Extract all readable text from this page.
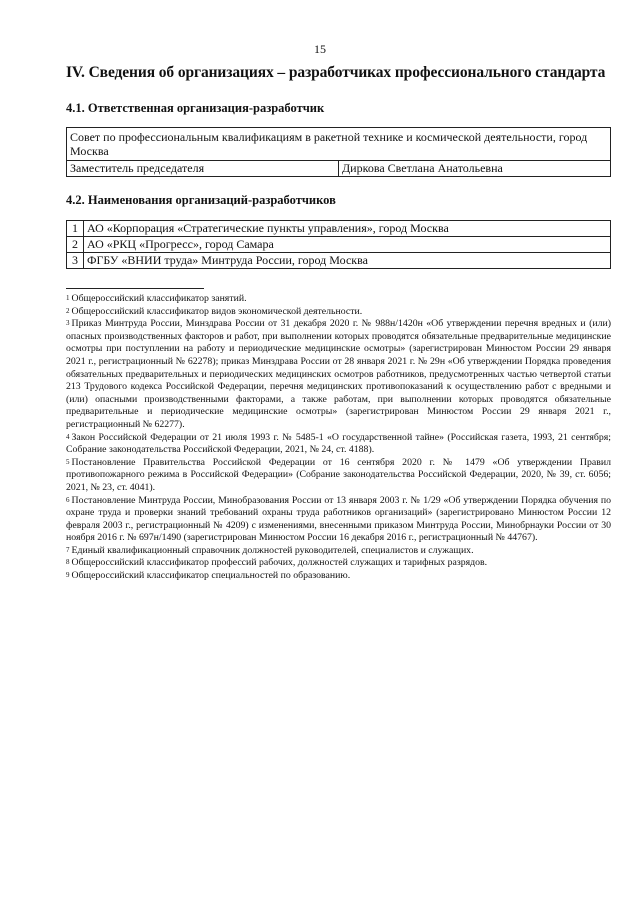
15
IV. Сведения об организациях – разработчиках профессионального стандарта
4.1. Ответственная организация-разработчик
Совет по профессиональным квалификациям в ракетной технике и космической деятельности, город Москва
Заместитель председателя	Диркова Светлана Анатольевна
4.2. Наименования организаций-разработчиков
1	АО «Корпорация «Стратегические пункты управления», город Москва
2	АО «РКЦ «Прогресс», город Самара
3	ФГБУ «ВНИИ труда» Минтруда России, город Москва

$^1$ Общероссийский классификатор занятий.

$^2$ Общероссийский классификатор видов экономической деятельности.

$^3$ Приказ Минтруда России, Минздрава России от 31 декабря 2020 г. № 988н/1420н «Об утверждении перечня вредных и (или) опасных производственных факторов и работ, при выполнении которых проводятся обязательные предварительные медицинские осмотры при поступлении на работу и периодические медицинские осмотры» (зарегистрирован Минюстом России 29 января 2021 г., регистрационный № 62278); приказ Минздрава России от 28 января 2021 г. № 29н «Об утверждении Порядка проведения обязательных предварительных и периодических медицинских осмотров работников, предусмотренных частью четвертой статьи 213 Трудового кодекса Российской Федерации, перечня медицинских противопоказаний к осуществлению работ с вредными и (или) опасными производственными факторами, а также работам, при выполнении которых проводятся обязательные предварительные и периодические медицинские осмотры» (зарегистрирован Минюстом России 29 января 2021 г., регистрационный № 62277).

$^4$ Закон Российской Федерации от 21 июля 1993 г. № 5485-1 «О государственной тайне» (Российская газета, 1993, 21 сентября; Собрание законодательства Российской Федерации, 2021, № 24, ст. 4188).

$^5$ Постановление Правительства Российской Федерации от 16 сентября 2020 г. № 1479 «Об утверждении Правил противопожарного режима в Российской Федерации» (Собрание законодательства Российской Федерации, 2020, № 39, ст. 6056; 2021, № 23, ст. 4041).

$^6$ Постановление Минтруда России, Минобразования России от 13 января 2003 г. № 1/29 «Об утверждении Порядка обучения по охране труда и проверки знаний требований охраны труда работников организаций» (зарегистрировано Минюстом России 12 февраля 2003 г., регистрационный № 4209) с изменениями, внесенными приказом Минтруда России, Минобрнауки России от 30 ноября 2016 г. № 697н/1490 (зарегистрирован Минюстом России 16 декабря 2016 г., регистрационный № 44767).

$^7$ Единый квалификационный справочник должностей руководителей, специалистов и служащих.

$^8$ Общероссийский классификатор профессий рабочих, должностей служащих и тарифных разрядов.

$^9$ Общероссийский классификатор специальностей по образованию.
